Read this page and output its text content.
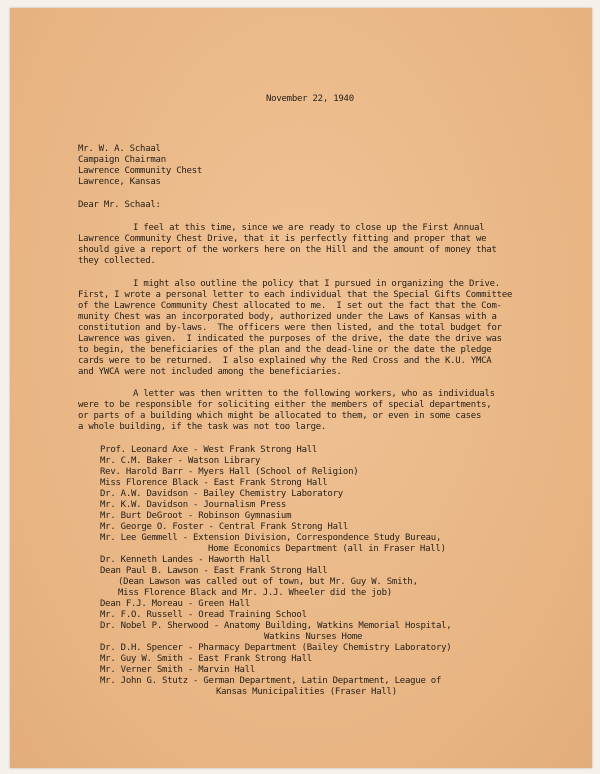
November 22, 1940
Mr. W. A. Schaal
Campaign Chairman
Lawrence Community Chest
Lawrence, Kansas
Dear Mr. Schaal:
I feel at this time, since we are ready to close up the First Annual
Lawrence Community Chest Drive, that it is perfectly fitting and proper that we
should give a report of the workers here on the Hill and the amount of money that
they collected.
I might also outline the policy that I pursued in organizing the Drive.
First, I wrote a personal letter to each individual that the Special Gifts Committee
of the Lawrence Community Chest allocated to me.  I set out the fact that the Com-
munity Chest was an incorporated body, authorized under the Laws of Kansas with a
constitution and by-laws.  The officers were then listed, and the total budget for
Lawrence was given.  I indicated the purposes of the drive, the date the drive was
to begin, the beneficiaries of the plan and the dead-line or the date the pledge
cards were to be returned.  I also explained why the Red Cross and the K.U. YMCA
and YWCA were not included among the beneficiaries.
A letter was then written to the following workers, who as individuals
were to be responsible for soliciting either the members of special departments,
or parts of a building which might be allocated to them, or even in some cases
a whole building, if the task was not too large.
Prof. Leonard Axe - West Frank Strong Hall
Mr. C.M. Baker - Watson Library
Rev. Harold Barr - Myers Hall (School of Religion)
Miss Florence Black - East Frank Strong Hall
Dr. A.W. Davidson - Bailey Chemistry Laboratory
Mr. K.W. Davidson - Journalism Press
Mr. Burt DeGroot - Robinson Gymnasium
Mr. George O. Foster - Central Frank Strong Hall
Mr. Lee Gemmell - Extension Division, Correspondence Study Bureau,
Home Economics Department (all in Fraser Hall)
Dr. Kenneth Landes - Haworth Hall
Dean Paul B. Lawson - East Frank Strong Hall
(Dean Lawson was called out of town, but Mr. Guy W. Smith,
Miss Florence Black and Mr. J.J. Wheeler did the job)
Dean F.J. Moreau - Green Hall
Mr. F.O. Russell - Oread Training School
Dr. Nobel P. Sherwood - Anatomy Building, Watkins Memorial Hospital,
Watkins Nurses Home
Dr. D.H. Spencer - Pharmacy Department (Bailey Chemistry Laboratory)
Mr. Guy W. Smith - East Frank Strong Hall
Mr. Verner Smith - Marvin Hall
Mr. John G. Stutz - German Department, Latin Department, League of
Kansas Municipalities (Fraser Hall)
